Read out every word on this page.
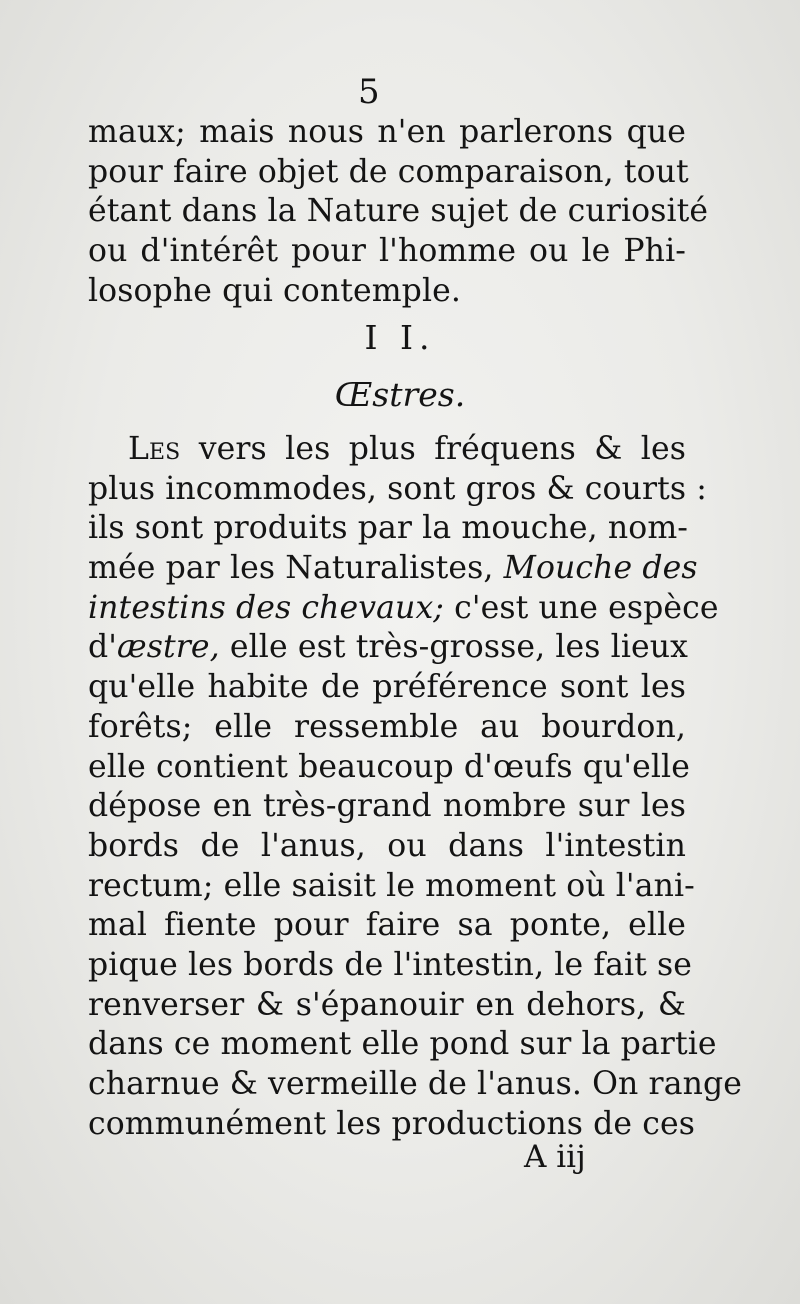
5
maux; mais nous n'en parlerons que
pour faire objet de comparaison, tout
étant dans la Nature sujet de curiosité
ou d'intérêt pour l'homme ou le Phi-
losophe qui contemple.
I I.
Œstres.
Les vers les plus fréquens & les
plus incommodes, sont gros & courts :
ils sont produits par la mouche, nom-
mée par les Naturalistes, Mouche des
intestins des chevaux; c'est une espèce
d'æstre, elle est très-grosse, les lieux
qu'elle habite de préférence sont les
forêts; elle ressemble au bourdon,
elle contient beaucoup d'œufs qu'elle
dépose en très-grand nombre sur les
bords de l'anus, ou dans l'intestin
rectum; elle saisit le moment où l'ani-
mal fiente pour faire sa ponte, elle
pique les bords de l'intestin, le fait se
renverser & s'épanouir en dehors, &
dans ce moment elle pond sur la partie
charnue & vermeille de l'anus. On range
communément les productions de ces
A iij
